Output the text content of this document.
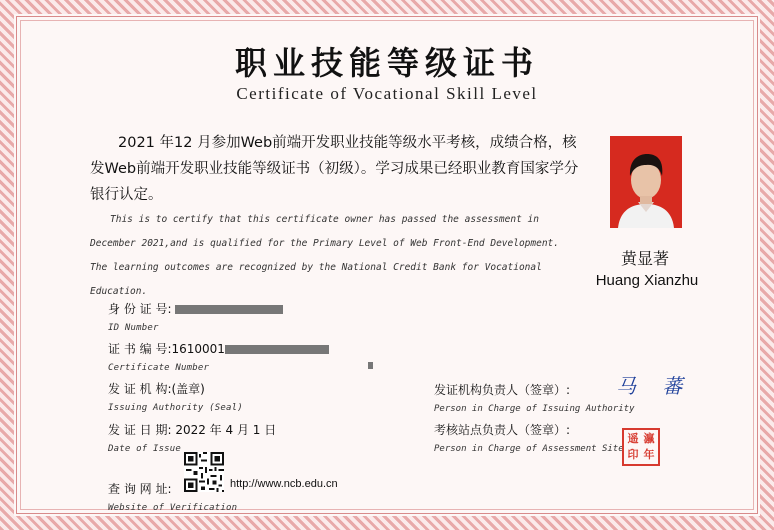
职业技能等级证书
Certificate of Vocational Skill Level
2021 年12 月参加Web前端开发职业技能等级水平考核，成绩合格，核发Web前端开发职业技能等级证书（初级）。学习成果已经职业教育国家学分银行认定。
This is to certify that this certificate owner has passed the assessment in December 2021,and is qualified for the Primary Level of Web Front-End Development. The learning outcomes are recognized by the National Credit Bank for Vocational Education.
黄显著
Huang Xianzhu
身 份 证 号:
ID Number
证 书 编 号:1610001
Certificate Number
发 证 机 构:(盖章)
Issuing Authority (Seal)
发 证 日 期: 2022 年 4 月 1 日
Date of Issue
查 询 网 址:
Website of Verification
http://www.ncb.edu.cn
发证机构负责人（签章）:
Person in Charge of Issuing Authority
马 蕃
考核站点负责人（签章）:
Person in Charge of Assessment Site
遥 瀛
印 年
